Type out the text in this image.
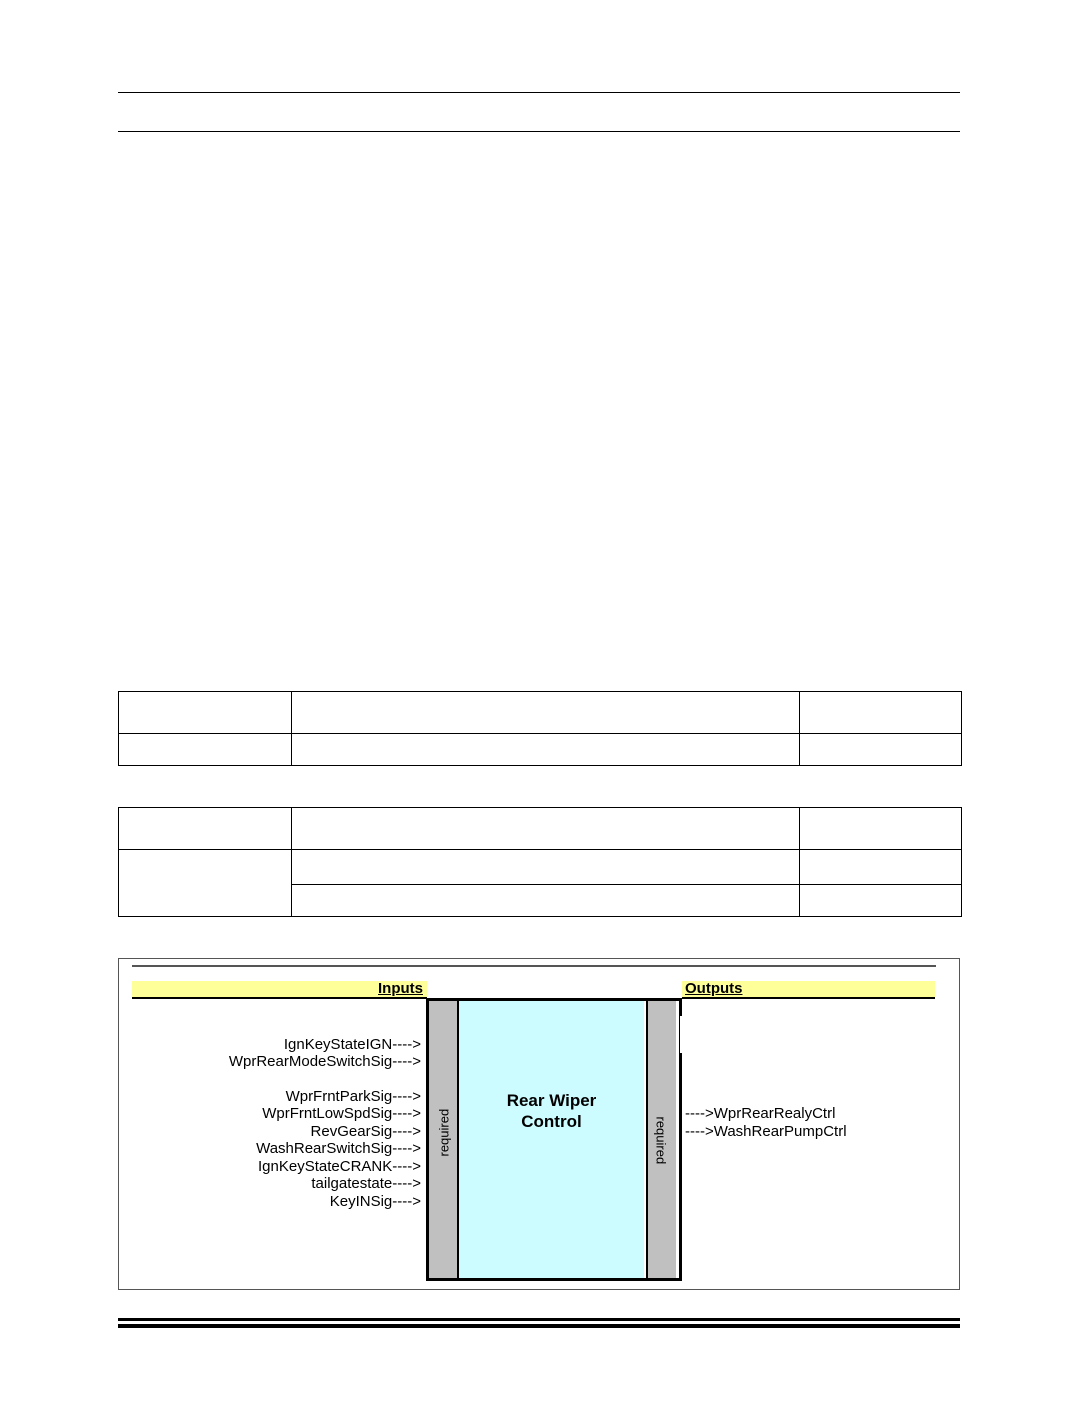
Inputs	Outputs
Rear Wiper
Control
required	required
IgnKeyStateIGN---->
WprRearModeSwitchSig---->
WprFrntParkSig---->
WprFrntLowSpdSig---->
RevGearSig---->
WashRearSwitchSig---->
IgnKeyStateCRANK---->
tailgatestate---->
KeyINSig---->
---->WprRearRealyCtrl
---->WashRearPumpCtrl
